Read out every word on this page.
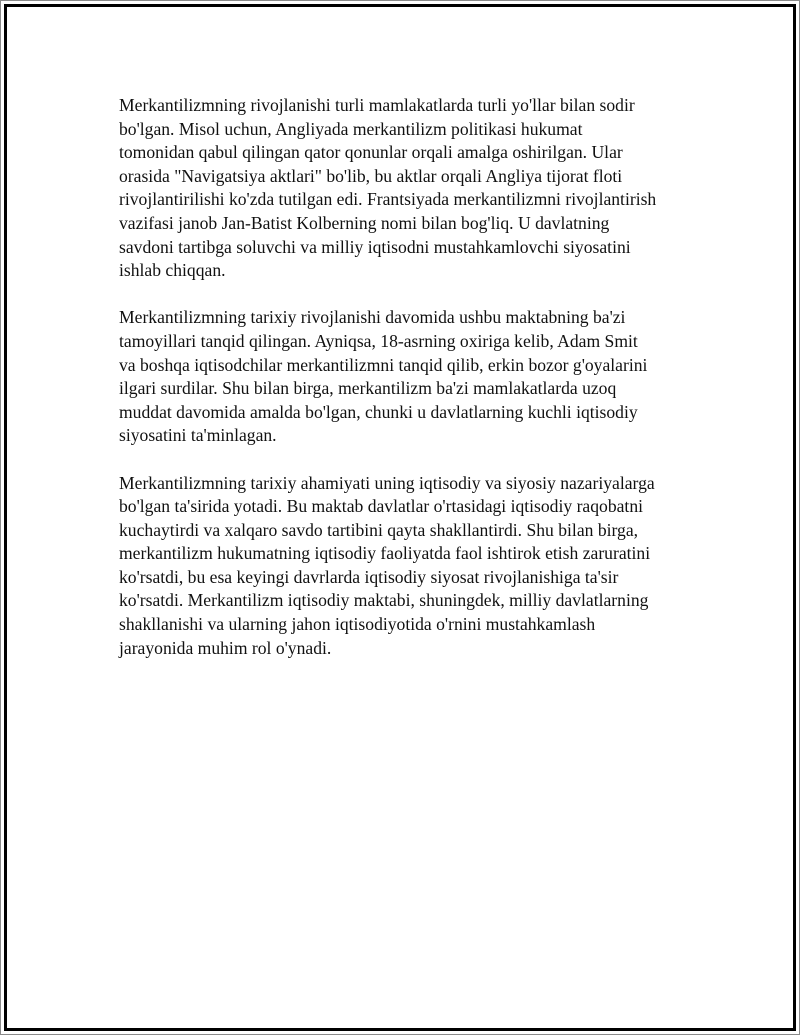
Merkantilizmning rivojlanishi turli mamlakatlarda turli yo'llar bilan sodir
bo'lgan. Misol uchun, Angliyada merkantilizm politikasi hukumat
tomonidan qabul qilingan qator qonunlar orqali amalga oshirilgan. Ular
orasida "Navigatsiya aktlari" bo'lib, bu aktlar orqali Angliya tijorat floti
rivojlantirilishi ko'zda tutilgan edi. Frantsiyada merkantilizmni rivojlantirish
vazifasi janob Jan-Batist Kolberning nomi bilan bog'liq. U davlatning
savdoni tartibga soluvchi va milliy iqtisodni mustahkamlovchi siyosatini
ishlab chiqqan.

Merkantilizmning tarixiy rivojlanishi davomida ushbu maktabning ba'zi
tamoyillari tanqid qilingan. Ayniqsa, 18-asrning oxiriga kelib, Adam Smit
va boshqa iqtisodchilar merkantilizmni tanqid qilib, erkin bozor g'oyalarini
ilgari surdilar. Shu bilan birga, merkantilizm ba'zi mamlakatlarda uzoq
muddat davomida amalda bo'lgan, chunki u davlatlarning kuchli iqtisodiy
siyosatini ta'minlagan.

Merkantilizmning tarixiy ahamiyati uning iqtisodiy va siyosiy nazariyalarga
bo'lgan ta'sirida yotadi. Bu maktab davlatlar o'rtasidagi iqtisodiy raqobatni
kuchaytirdi va xalqaro savdo tartibini qayta shakllantirdi. Shu bilan birga,
merkantilizm hukumatning iqtisodiy faoliyatda faol ishtirok etish zaruratini
ko'rsatdi, bu esa keyingi davrlarda iqtisodiy siyosat rivojlanishiga ta'sir
ko'rsatdi. Merkantilizm iqtisodiy maktabi, shuningdek, milliy davlatlarning
shakllanishi va ularning jahon iqtisodiyotida o'rnini mustahkamlash
jarayonida muhim rol o'ynadi.
